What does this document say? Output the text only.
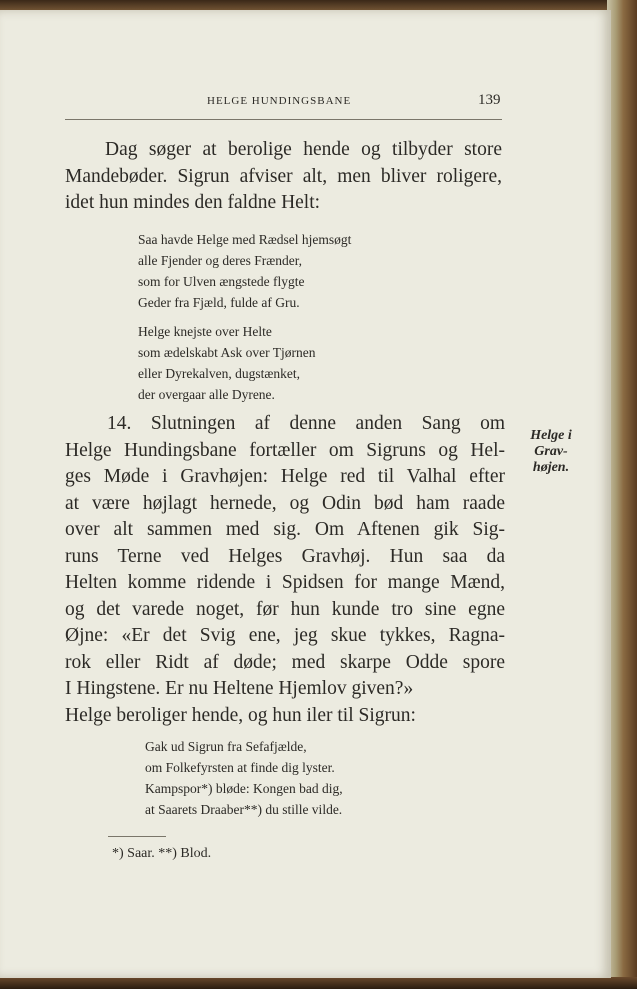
HELGE HUNDINGSBANE	139
Dag søger at berolige hende og tilbyder store
Mandebøder. Sigrun afviser alt, men bliver roligere,
idet hun mindes den faldne Helt:
Saa havde Helge med Rædsel hjemsøgt
alle Fjender og deres Frænder,
som for Ulven ængstede flygte
Geder fra Fjæld, fulde af Gru.
Helge knejste over Helte
som ædelskabt Ask over Tjørnen
eller Dyrekalven, dugstænket,
der overgaar alle Dyrene.
14. Slutningen af denne anden Sang om
Helge Hundingsbane fortæller om Sigruns og Hel-
ges Møde i Gravhøjen: Helge red til Valhal efter
at være højlagt hernede, og Odin bød ham raade
over alt sammen med sig. Om Aftenen gik Sig-
runs Terne ved Helges Gravhøj. Hun saa da
Helten komme ridende i Spidsen for mange Mænd,
og det varede noget, før hun kunde tro sine egne
Øjne: «Er det Svig ene, jeg skue tykkes, Ragna-
rok eller Ridt af døde; med skarpe Odde spore
I Hingstene. Er nu Heltene Hjemlov given?»
Helge beroliger hende, og hun iler til Sigrun:
Helge i
Grav-
højen.
Gak ud Sigrun fra Sefafjælde,
om Folkefyrsten at finde dig lyster.
Kampspor*) bløde: Kongen bad dig,
at Saarets Draaber**) du stille vilde.
*) Saar. **) Blod.
